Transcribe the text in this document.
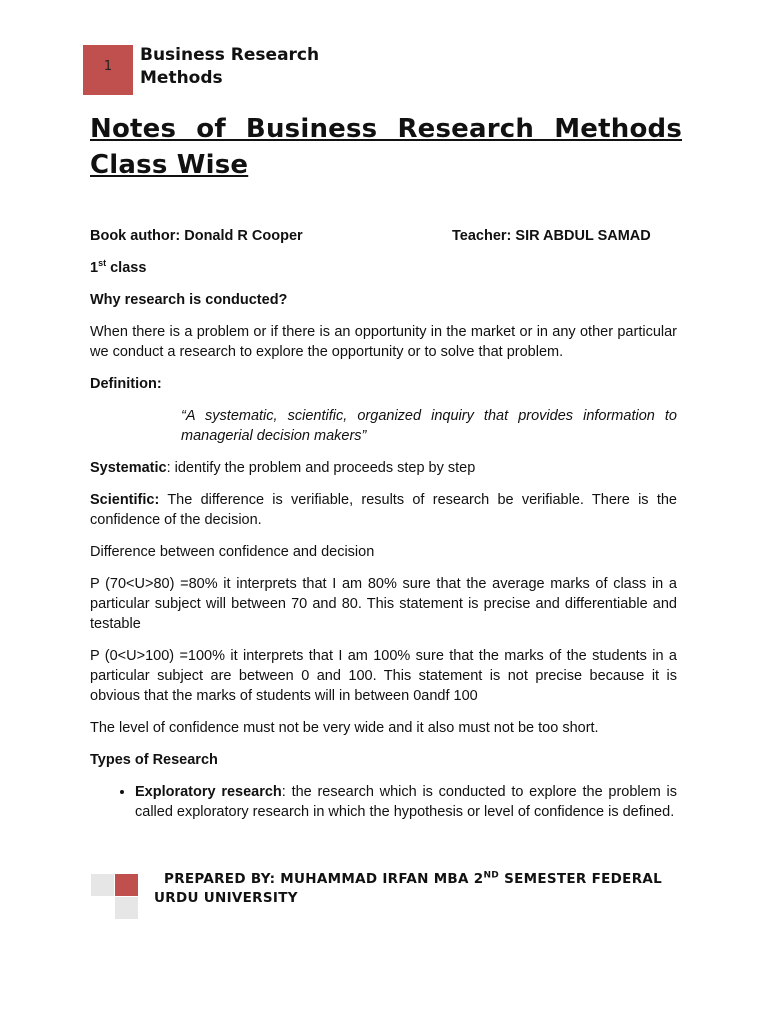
1
Business Research
Methods
Notes of Business Research Methods Class Wise
Book author: Donald R Cooper	Teacher: SIR ABDUL SAMAD

1st class

Why research is conducted?

When there is a problem or if there is an opportunity in the market or in any other particular we conduct a research to explore the opportunity or to solve that problem.

Definition:

“A systematic, scientific, organized inquiry that provides information to managerial decision makers”

Systematic: identify the problem and proceeds step by step

Scientific: The difference is verifiable, results of research be verifiable. There is the confidence of the decision.

Difference between confidence and decision

P (70<U>80) =80% it interprets that I am 80% sure that the average marks of class in a particular subject will between 70 and 80. This statement is precise and differentiable and testable

P (0<U>100) =100% it interprets that I am 100% sure that the marks of the students in a particular subject are between 0 and 100. This statement is not precise because it is obvious that the marks of students will in between 0andf 100

The level of confidence must not be very wide and it also must not be too short.

Types of Research

• Exploratory research: the research which is conducted to explore the problem is called exploratory research in which the hypothesis or level of confidence is defined.
PREPARED BY: MUHAMMAD IRFAN MBA 2ND SEMESTER FEDERAL URDU UNIVERSITY
